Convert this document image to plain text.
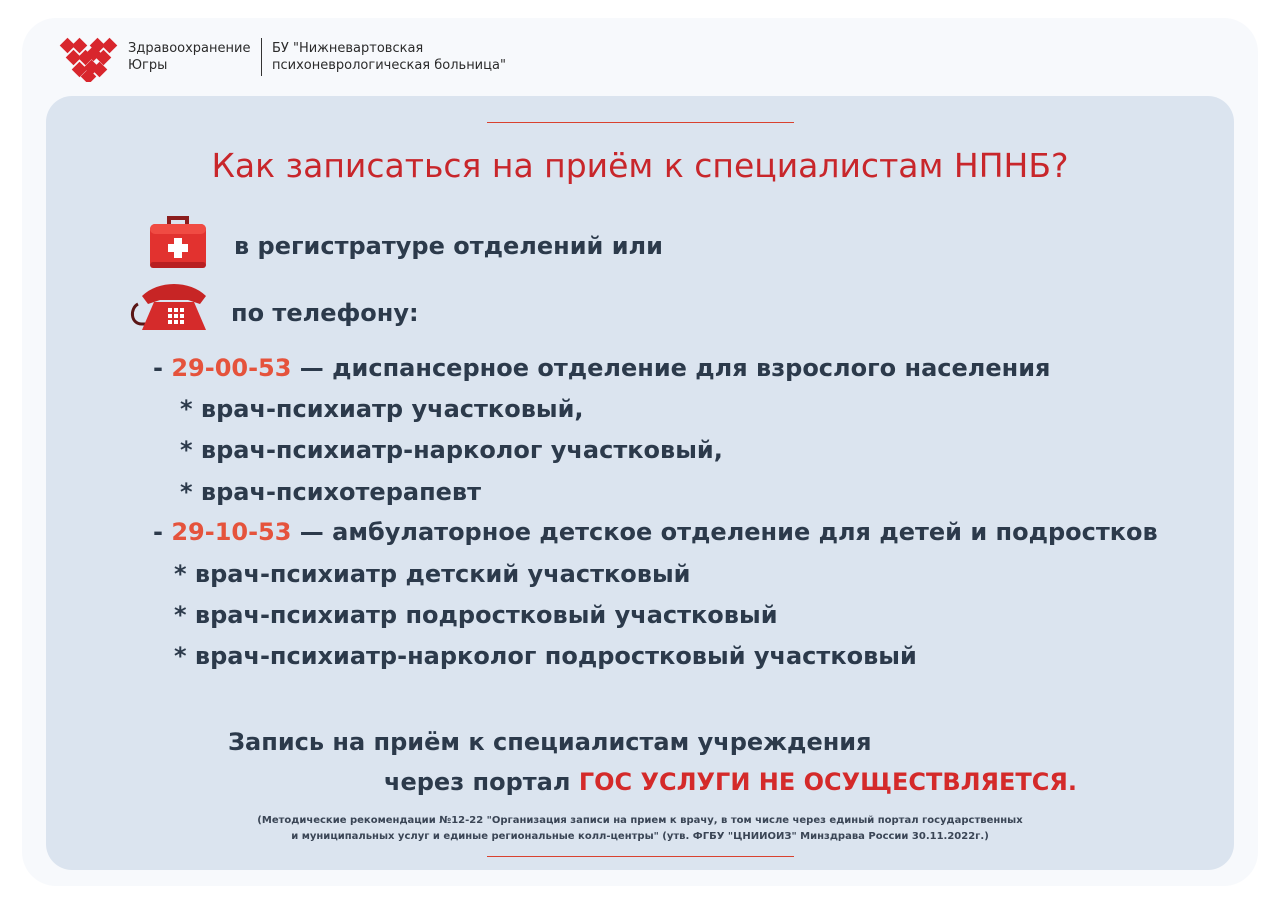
Здравоохранение
Югры
БУ "Нижневартовская
психоневрологическая больница"
Как записаться на приём к специалистам НПНБ?
в регистратуре отделений или
по телефону:
- 29-00-53 — диспансерное отделение для взрослого населения
* врач-психиатр участковый,
* врач-психиатр-нарколог участковый,
* врач-психотерапевт
- 29-10-53 — амбулаторное детское отделение для детей и подростков
* врач-психиатр детский участковый
* врач-психиатр подростковый участковый
* врач-психиатр-нарколог подростковый участковый
Запись на приём к специалистам учреждения
через портал ГОС УСЛУГИ НЕ ОСУЩЕСТВЛЯЕТСЯ.
(Методические рекомендации №12-22 "Организация записи на прием к врачу, в том числе через единый портал государственных
и муниципальных услуг и единые региональные колл-центры" (утв. ФГБУ "ЦНИИОИЗ" Минздрава России 30.11.2022г.)
